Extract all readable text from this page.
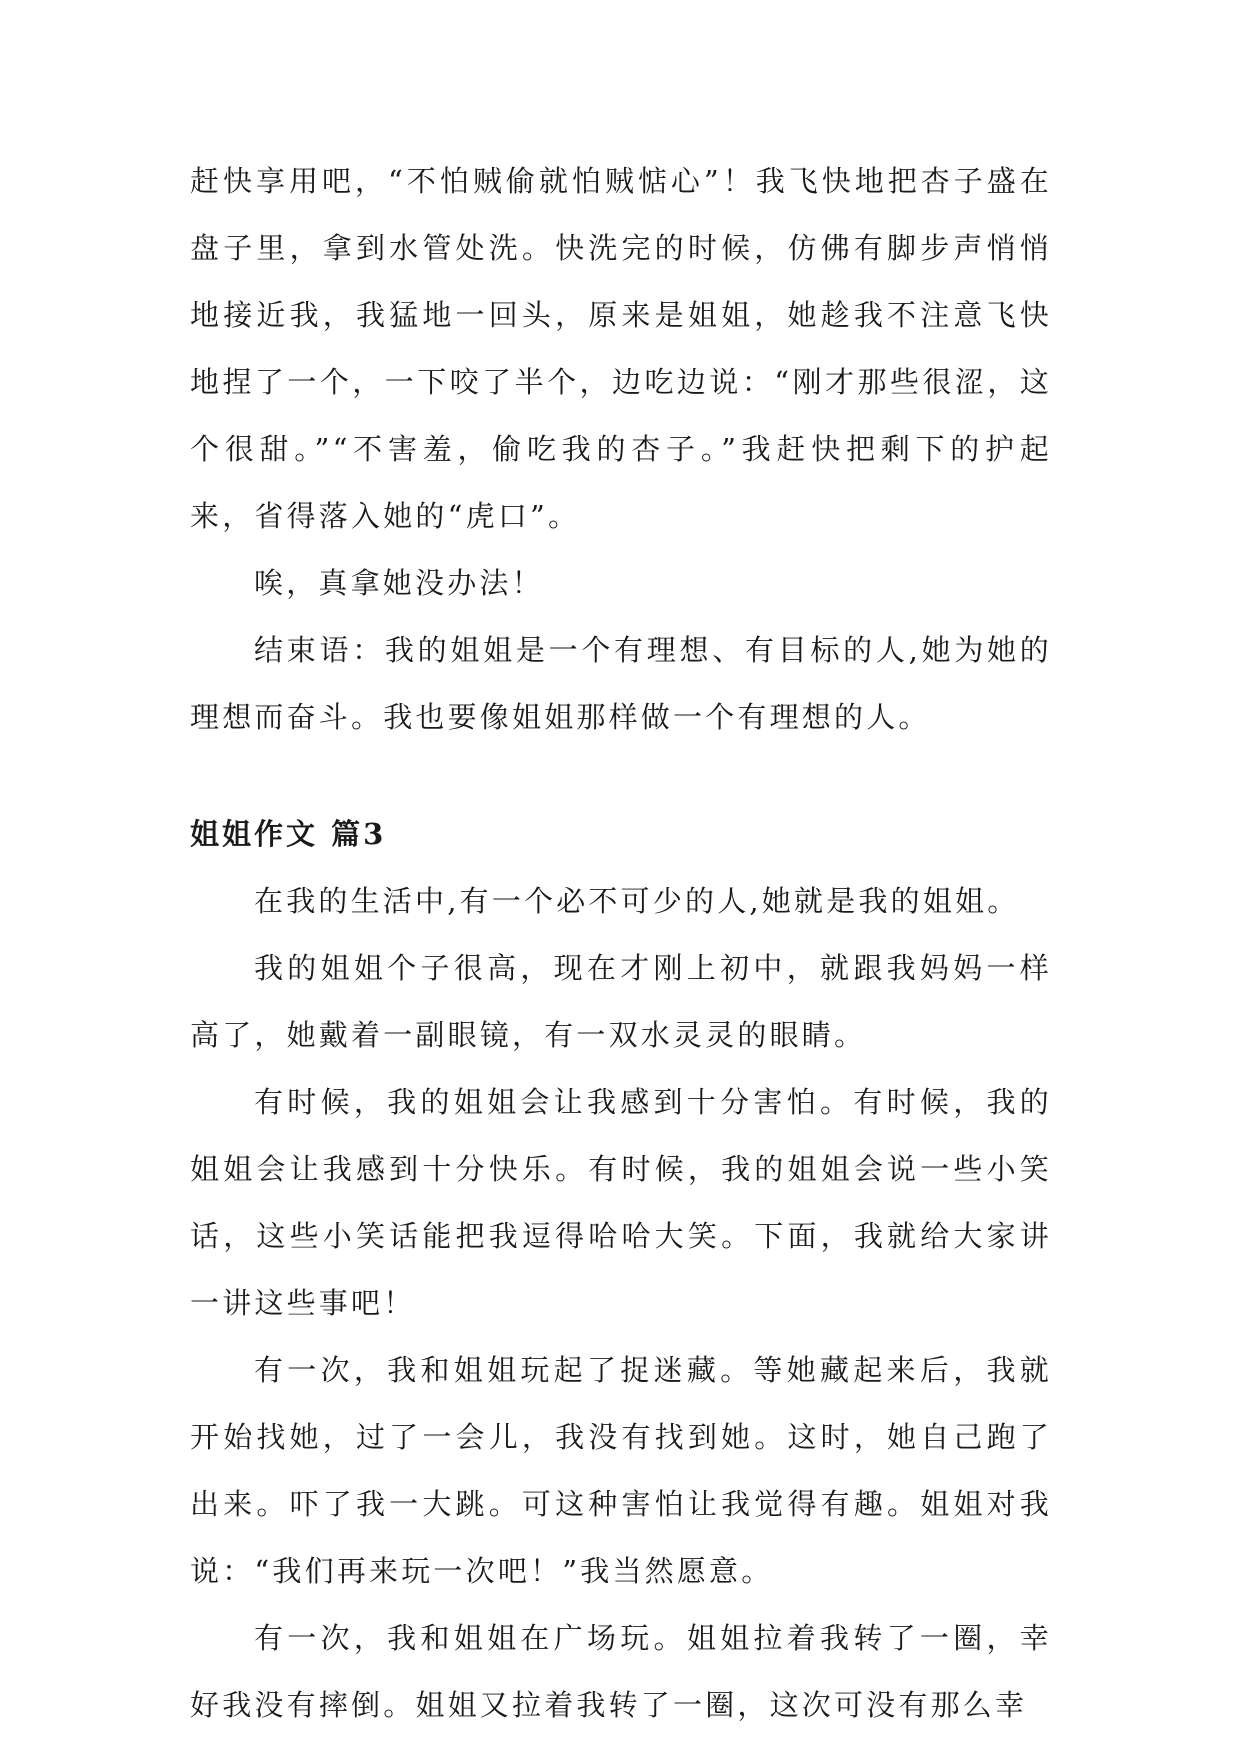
赶快享用吧，“不怕贼偷就怕贼惦心”！我飞快地把杏子盛在盘子里，拿到水管处洗。快洗完的时候，仿佛有脚步声悄悄地接近我，我猛地一回头，原来是姐姐，她趁我不注意飞快地捏了一个，一下咬了半个，边吃边说：“刚才那些很涩，这个很甜。”“不害羞，偷吃我的杏子。”我赶快把剩下的护起来，省得落入她的“虎口”。

唉，真拿她没办法！

结束语：我的姐姐是一个有理想、有目标的人,她为她的理想而奋斗。我也要像姐姐那样做一个有理想的人。

姐姐作文 篇3

在我的生活中,有一个必不可少的人,她就是我的姐姐。

我的姐姐个子很高，现在才刚上初中，就跟我妈妈一样高了，她戴着一副眼镜，有一双水灵灵的眼睛。

有时候，我的姐姐会让我感到十分害怕。有时候，我的姐姐会让我感到十分快乐。有时候，我的姐姐会说一些小笑话，这些小笑话能把我逗得哈哈大笑。下面，我就给大家讲一讲这些事吧！

有一次，我和姐姐玩起了捉迷藏。等她藏起来后，我就开始找她，过了一会儿，我没有找到她。这时，她自己跑了出来。吓了我一大跳。可这种害怕让我觉得有趣。姐姐对我说：“我们再来玩一次吧！”我当然愿意。

有一次，我和姐姐在广场玩。姐姐拉着我转了一圈，幸好我没有摔倒。姐姐又拉着我转了一圈，这次可没有那么幸
